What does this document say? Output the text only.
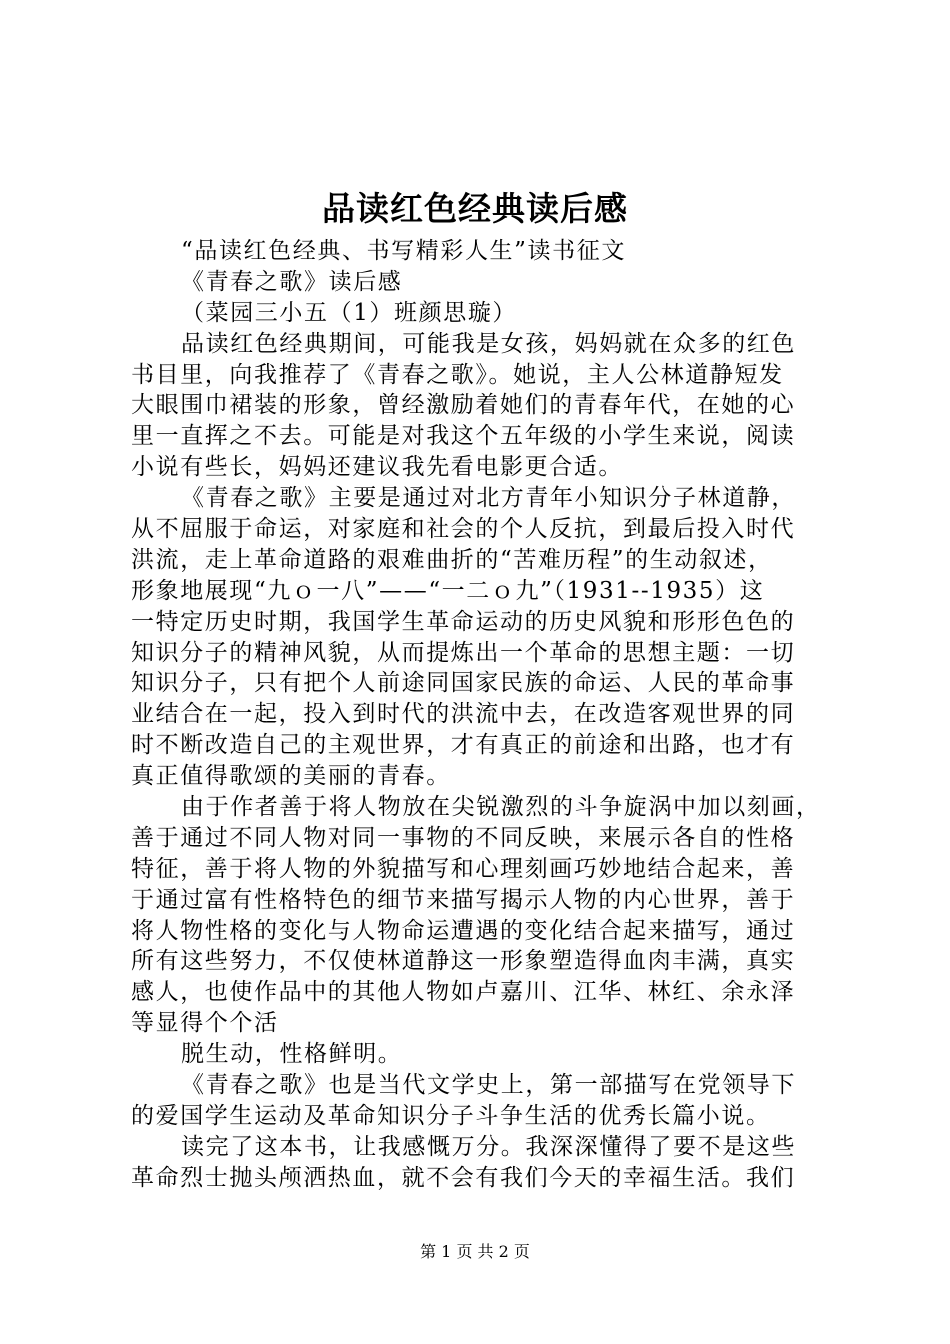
品读红色经典读后感
“品读红色经典、书写精彩人生”读书征文
《青春之歌》读后感
（菜园三小五（1）班颜思璇）
品读红色经典期间，可能我是女孩，妈妈就在众多的红色
书目里，向我推荐了《青春之歌》。她说，主人公林道静短发
大眼围巾裙装的形象，曾经激励着她们的青春年代，在她的心
里一直挥之不去。可能是对我这个五年级的小学生来说，阅读
小说有些长，妈妈还建议我先看电影更合适。
《青春之歌》主要是通过对北方青年小知识分子林道静，
从不屈服于命运，对家庭和社会的个人反抗，到最后投入时代
洪流，走上革命道路的艰难曲折的“苦难历程”的生动叙述，
形象地展现“九ｏ一八”——“一二ｏ九”（1931--1935）这
一特定历史时期，我国学生革命运动的历史风貌和形形色色的
知识分子的精神风貌，从而提炼出一个革命的思想主题：一切
知识分子，只有把个人前途同国家民族的命运、人民的革命事
业结合在一起，投入到时代的洪流中去，在改造客观世界的同
时不断改造自己的主观世界，才有真正的前途和出路，也才有
真正值得歌颂的美丽的青春。
由于作者善于将人物放在尖锐激烈的斗争旋涡中加以刻画，
善于通过不同人物对同一事物的不同反映，来展示各自的性格
特征，善于将人物的外貌描写和心理刻画巧妙地结合起来，善
于通过富有性格特色的细节来描写揭示人物的内心世界，善于
将人物性格的变化与人物命运遭遇的变化结合起来描写，通过
所有这些努力，不仅使林道静这一形象塑造得血肉丰满，真实
感人，也使作品中的其他人物如卢嘉川、江华、林红、余永泽
等显得个个活
脱生动，性格鲜明。
《青春之歌》也是当代文学史上，第一部描写在党领导下
的爱国学生运动及革命知识分子斗争生活的优秀长篇小说。
读完了这本书，让我感慨万分。我深深懂得了要不是这些
革命烈士抛头颅洒热血，就不会有我们今天的幸福生活。我们
第 1 页 共 2 页
